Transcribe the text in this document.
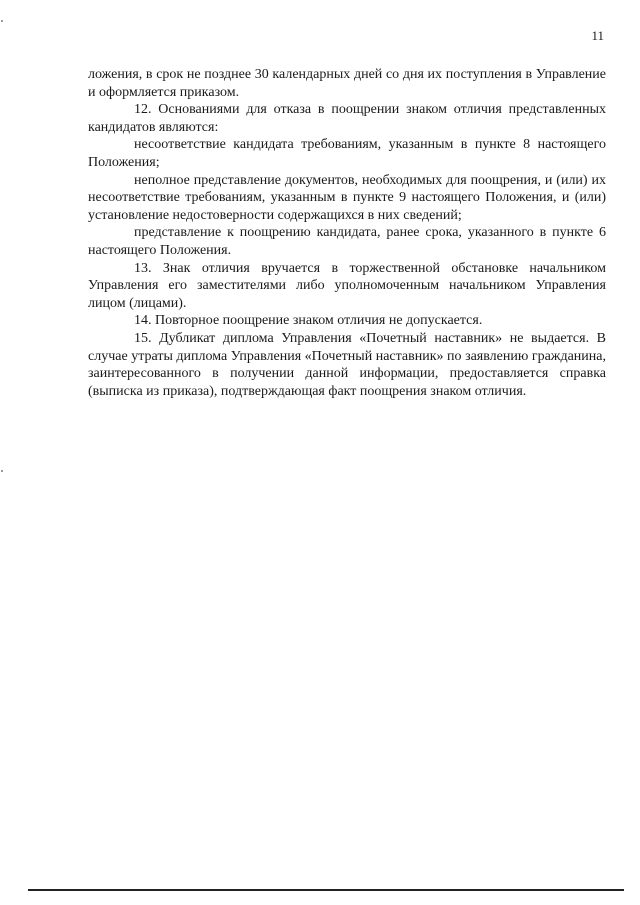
11

ложения, в срок не позднее 30 календарных дней со дня их поступления в Управление и оформляется приказом.

12. Основаниями для отказа в поощрении знаком отличия представленных кандидатов являются:

несоответствие кандидата требованиям, указанным в пункте 8 настоящего Положения;

неполное представление документов, необходимых для поощрения, и (или) их несоответствие требованиям, указанным в пункте 9 настоящего Положения, и (или) установление недостоверности содержащихся в них сведений;

представление к поощрению кандидата, ранее срока, указанного в пункте 6 настоящего Положения.

13. Знак отличия вручается в торжественной обстановке начальником Управления его заместителями либо уполномоченным начальником Управления лицом (лицами).

14. Повторное поощрение знаком отличия не допускается.

15. Дубликат диплома Управления «Почетный наставник» не выдается. В случае утраты диплома Управления «Почетный наставник» по заявлению гражданина, заинтересованного в получении данной информации, предоставляется справка (выписка из приказа), подтверждающая факт поощрения знаком отличия.
